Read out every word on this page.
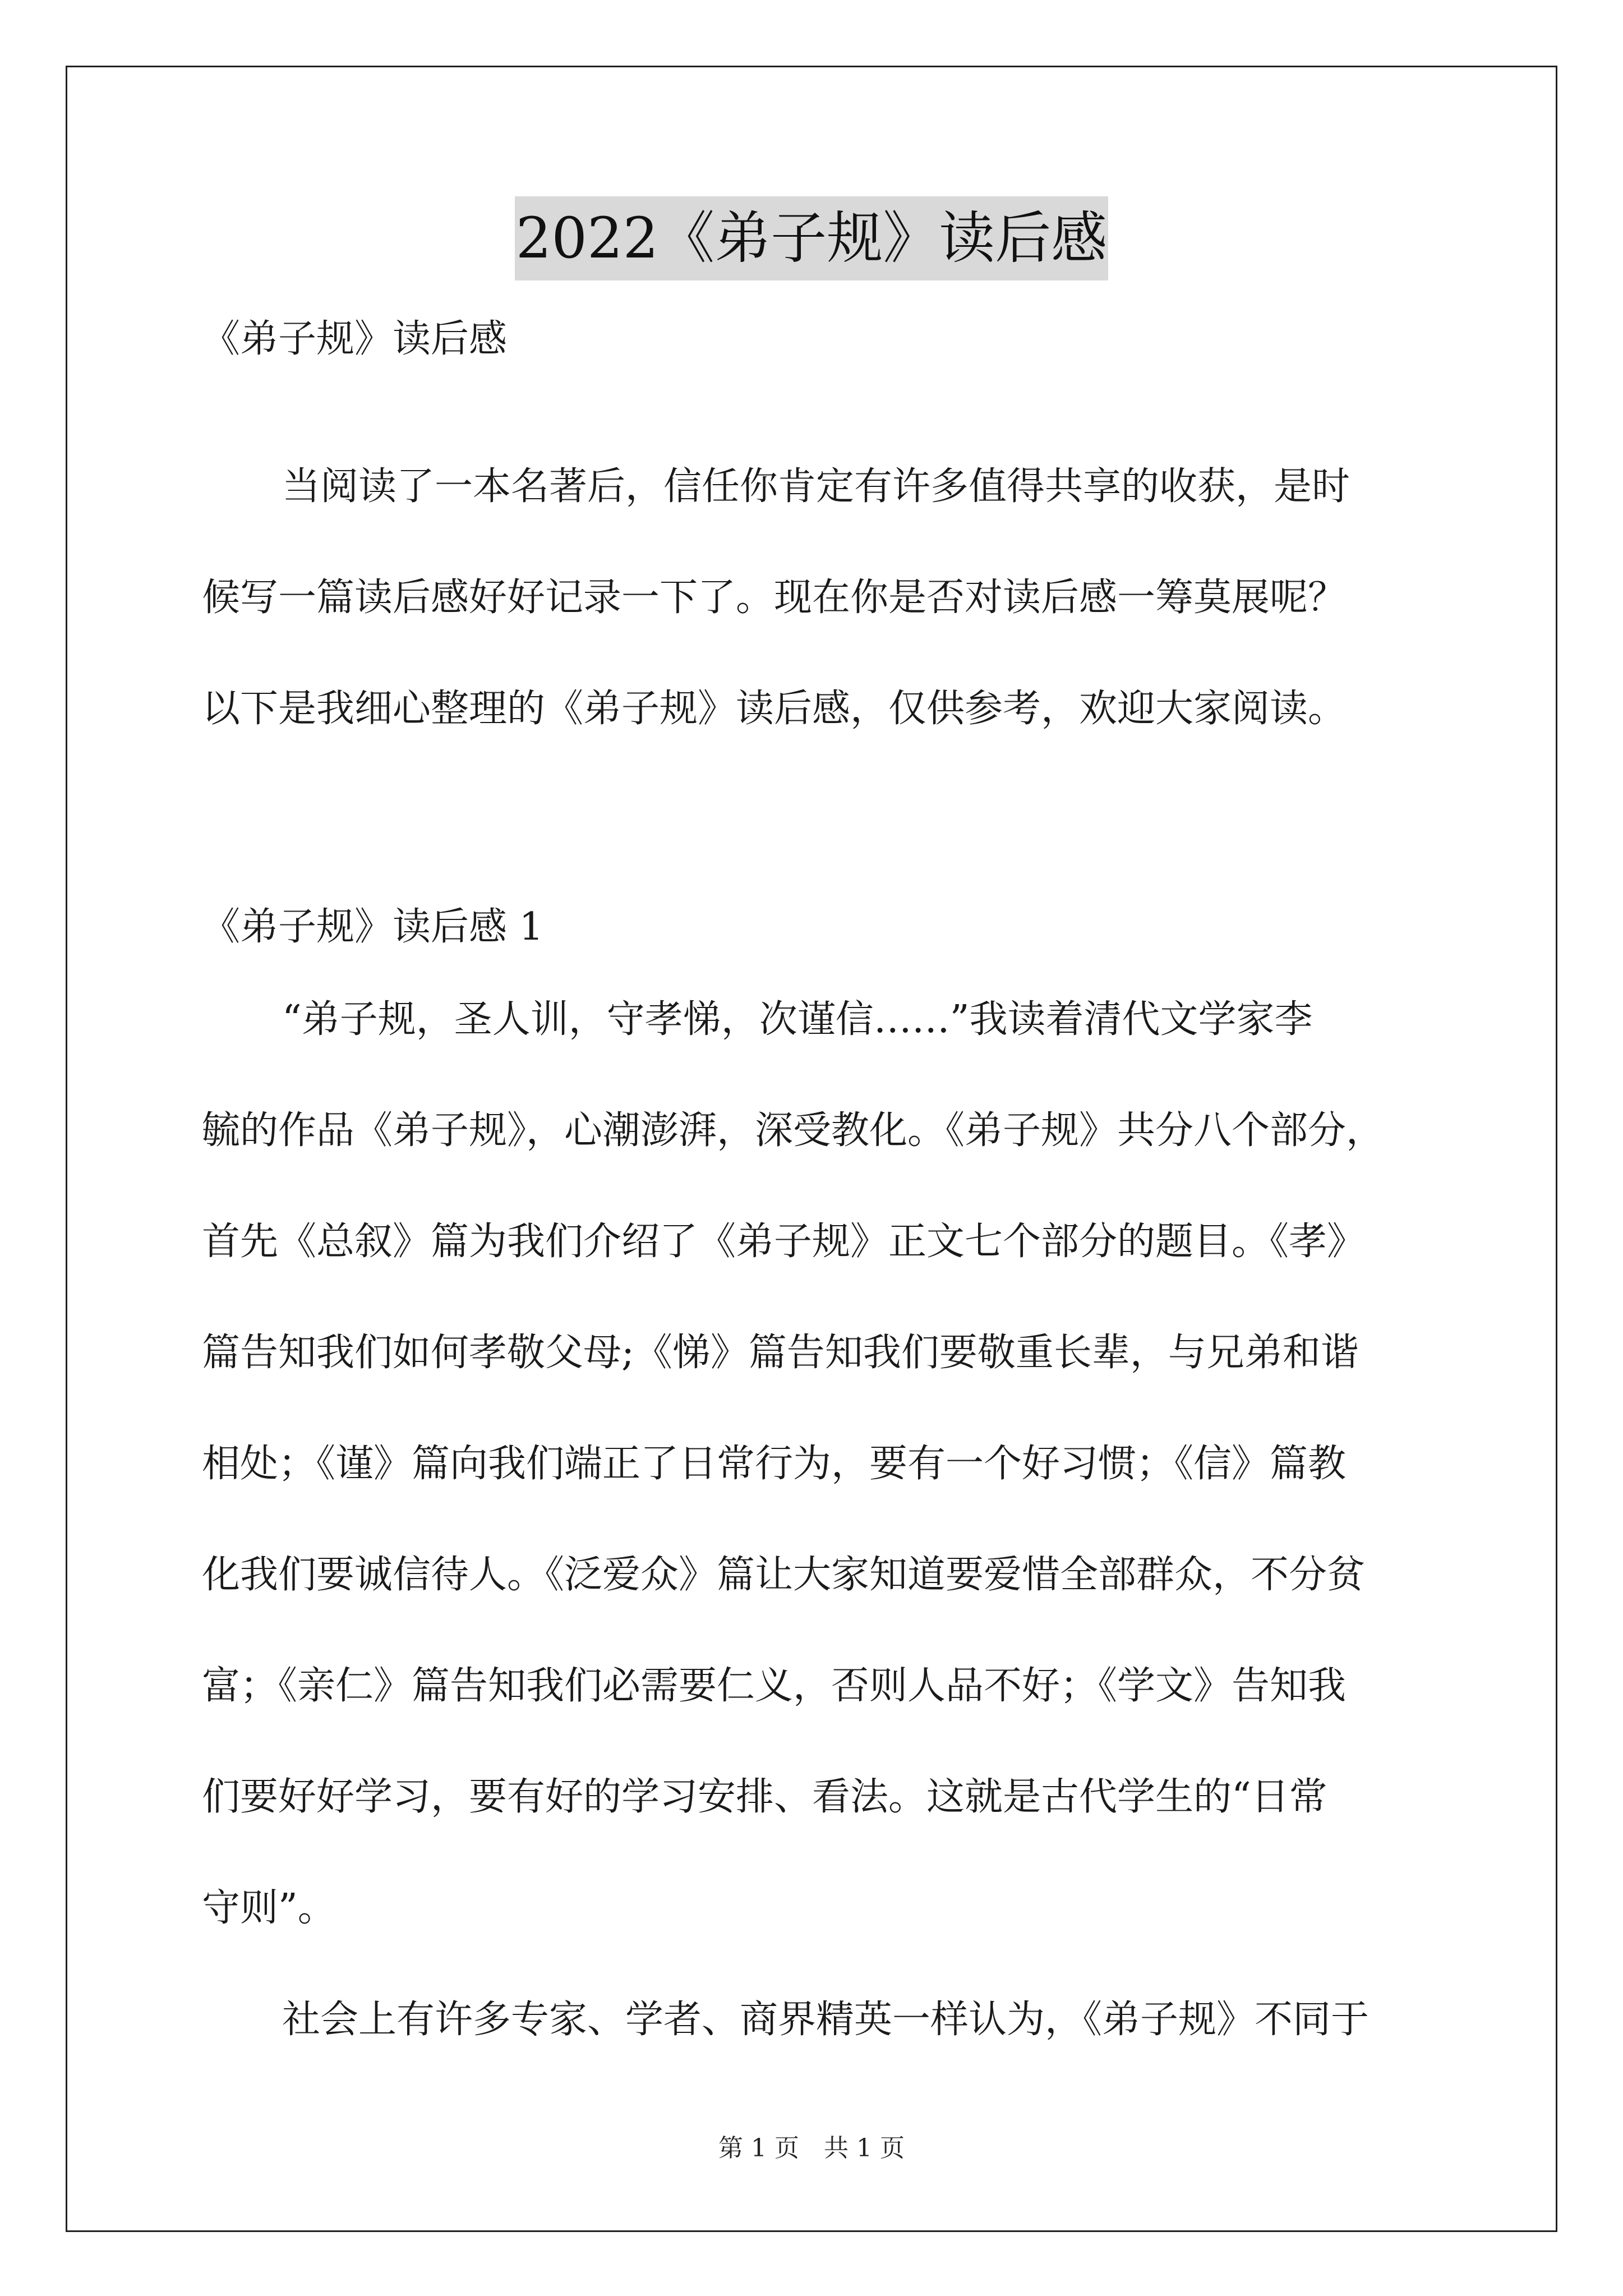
2022《弟子规》读后感
《弟子规》读后感
当阅读了一本名著后，信任你肯定有许多值得共享的收获，是时
候写一篇读后感好好记录一下了。现在你是否对读后感一筹莫展呢？
以下是我细心整理的《弟子规》读后感，仅供参考，欢迎大家阅读。
《弟子规》读后感 1
“弟子规，圣人训，守孝悌，次谨信……”我读着清代文学家李
毓的作品《弟子规》，心潮澎湃，深受教化。《弟子规》共分八个部分，
首先《总叙》篇为我们介绍了《弟子规》正文七个部分的题目。《孝》
篇告知我们如何孝敬父母;《悌》篇告知我们要敬重长辈，与兄弟和谐
相处；《谨》篇向我们端正了日常行为，要有一个好习惯；《信》篇教
化我们要诚信待人。《泛爱众》篇让大家知道要爱惜全部群众，不分贫
富；《亲仁》篇告知我们必需要仁义，否则人品不好；《学文》告知我
们要好好学习，要有好的学习安排、看法。这就是古代学生的“日常
守则”。
社会上有许多专家、学者、商界精英一样认为，《弟子规》不同于
第 1 页 共 1 页
